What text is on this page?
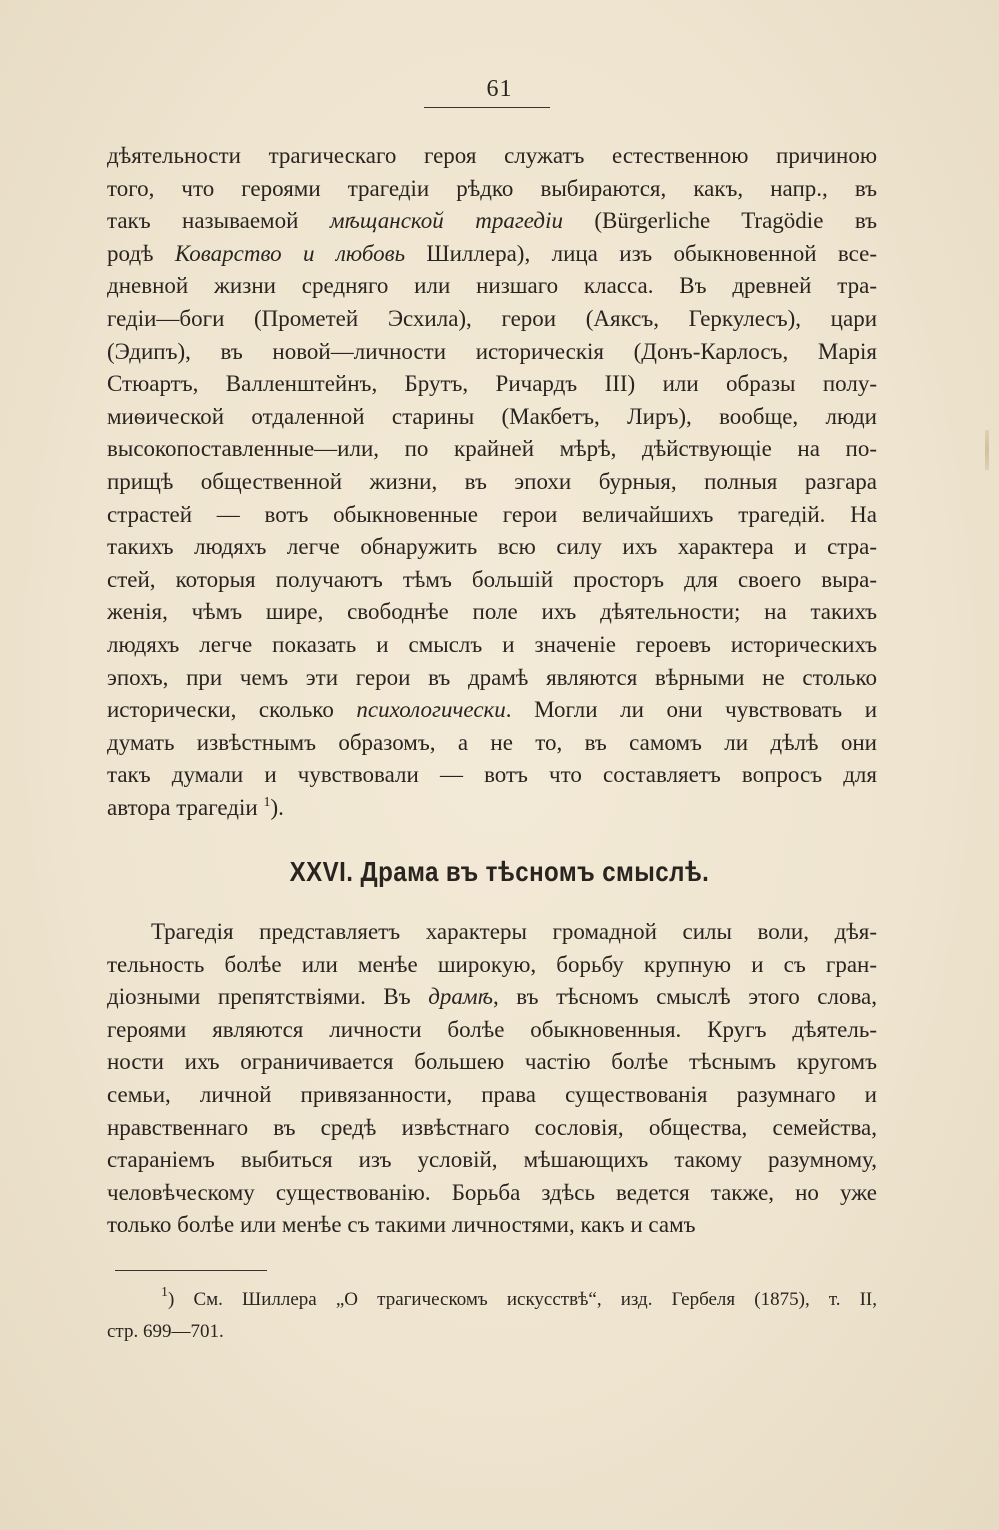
61
дѣятельности трагическаго героя служатъ естественною причиною
того, что героями трагедіи рѣдко выбираются, какъ, напр., въ
такъ называемой мѣщанской трагедіи (Bürgerliche Tragödie въ
родѣ Коварство и любовь Шиллера), лица изъ обыкновенной все-
дневной жизни средняго или низшаго класса. Въ древней тра-
гедіи—боги (Прометей Эсхила), герои (Аяксъ, Геркулесъ), цари
(Эдипъ), въ новой—личности историческія (Донъ-Карлосъ, Марія
Стюартъ, Валленштейнъ, Брутъ, Ричардъ III) или образы полу-
миѳической отдаленной старины (Макбетъ, Лиръ), вообще, люди
высокопоставленные—или, по крайней мѣрѣ, дѣйствующіе на по-
прищѣ общественной жизни, въ эпохи бурныя, полныя разгара
страстей — вотъ обыкновенные герои величайшихъ трагедій. На
такихъ людяхъ легче обнаружить всю силу ихъ характера и стра-
стей, которыя получаютъ тѣмъ большій просторъ для своего выра-
женія, чѣмъ шире, свободнѣе поле ихъ дѣятельности; на такихъ
людяхъ легче показать и смыслъ и значеніе героевъ историческихъ
эпохъ, при чемъ эти герои въ драмѣ являются вѣрными не столько
исторически, сколько психологически. Могли ли они чувствовать и
думать извѣстнымъ образомъ, а не то, въ самомъ ли дѣлѣ они
такъ думали и чувствовали — вотъ что составляетъ вопросъ для
автора трагедіи $^1$).
XXVI. Драма въ тѣсномъ смыслѣ.
Трагедія представляетъ характеры громадной силы воли, дѣя-
тельность болѣе или менѣе широкую, борьбу крупную и съ гран-
діозными препятствіями. Въ драмѣ, въ тѣсномъ смыслѣ этого слова,
героями являются личности болѣе обыкновенныя. Кругъ дѣятель-
ности ихъ ограничивается большею частію болѣе тѣснымъ кругомъ
семьи, личной привязанности, права существованія разумнаго и
нравственнаго въ средѣ извѣстнаго сословія, общества, семейства,
стараніемъ выбиться изъ условій, мѣшающихъ такому разумному,
человѣческому существованію. Борьба здѣсь ведется также, но уже
только болѣе или менѣе съ такими личностями, какъ и самъ
$^1$) См. Шиллера „О трагическомъ искусствѣ“, изд. Гербеля (1875), т. II,
стр. 699—701.
